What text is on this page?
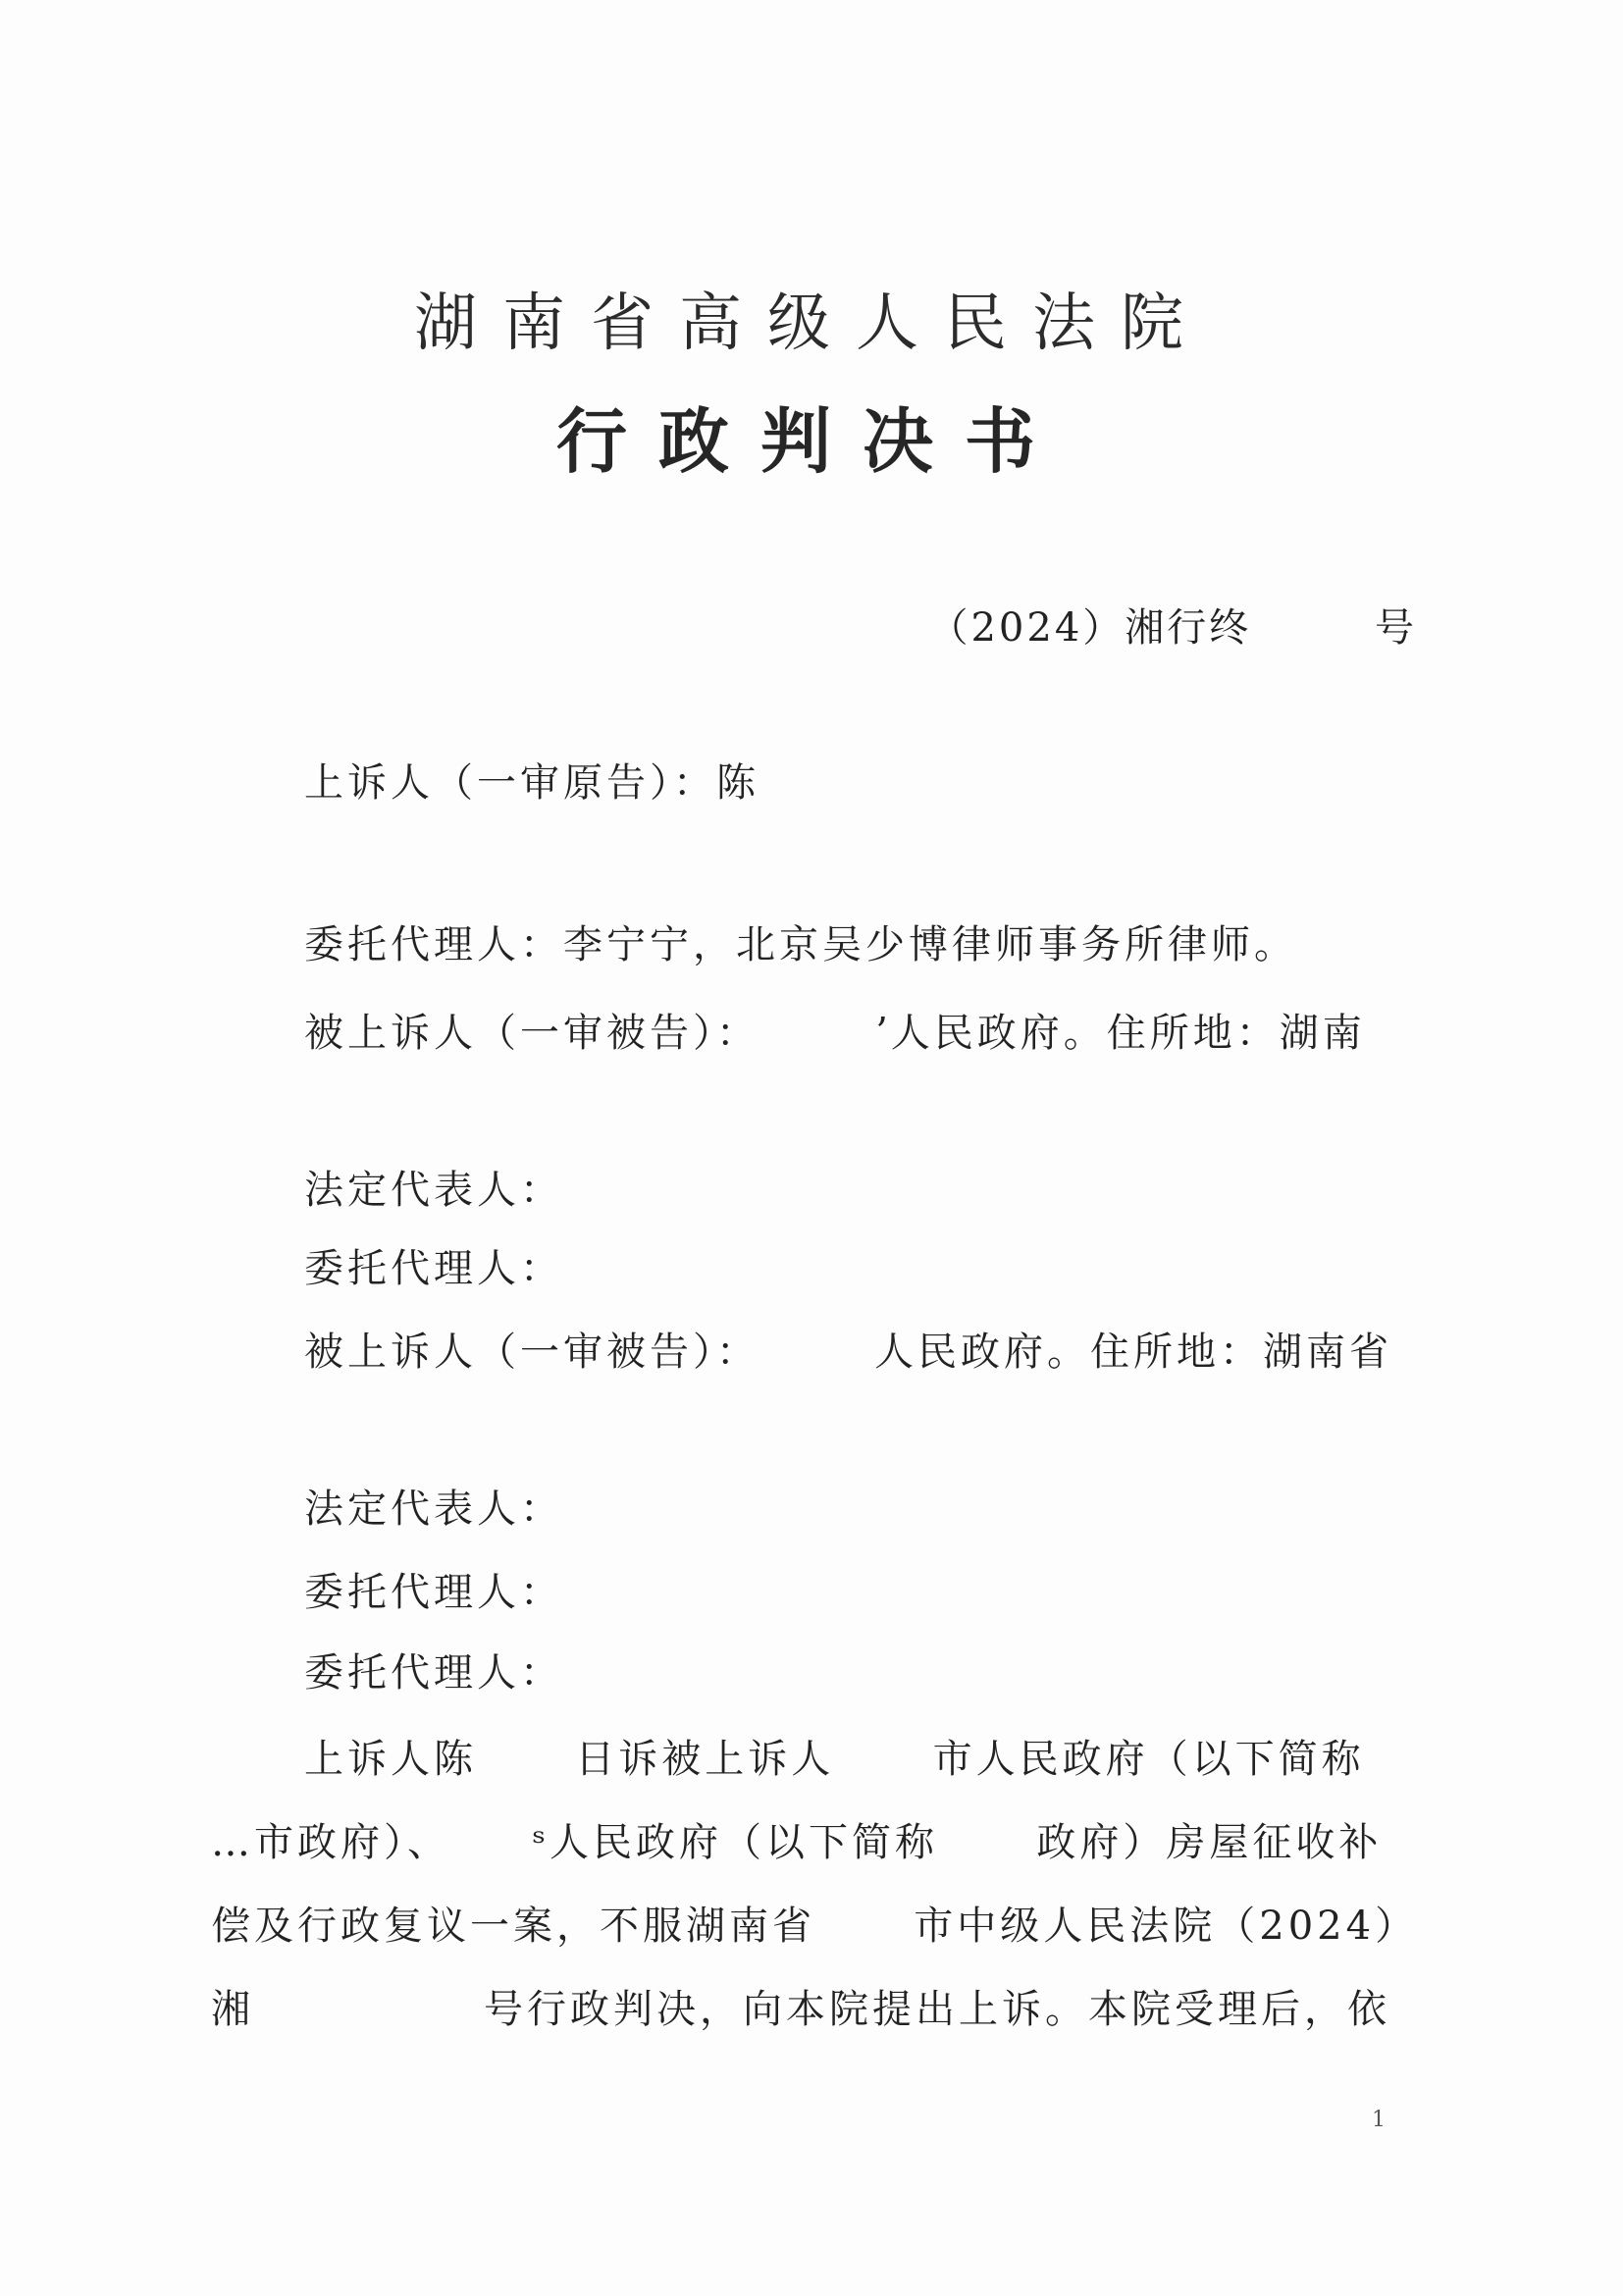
湖南省高级人民法院
行政判决书
（2024）湘行终        号
上诉人（一审原告）：陈
委托代理人：李宁宁，北京吴少博律师事务所律师。
被上诉人（一审被告）：       ʼ人民政府。住所地：湖南
法定代表人：
委托代理人：
被上诉人（一审被告）：       人民政府。住所地：湖南省
法定代表人：
委托代理人：
委托代理人：
上诉人陈      日诉被上诉人      市人民政府（以下简称
…市政府）、     ˢ人民政府（以下简称      政府）房屋征收补
偿及行政复议一案，不服湖南省      市中级人民法院（2024）
湘              号行政判决，向本院提出上诉。本院受理后，依
1
